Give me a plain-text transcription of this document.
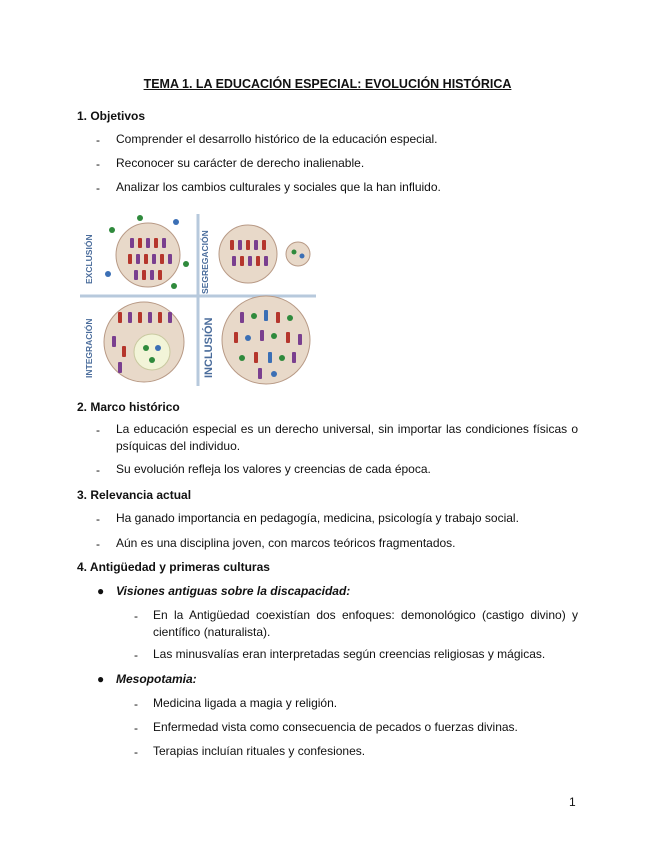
TEMA 1. LA EDUCACIÓN ESPECIAL: EVOLUCIÓN HISTÓRICA
1. Objetivos
- Comprender el desarrollo histórico de la educación especial.
- Reconocer su carácter de derecho inalienable.
- Analizar los cambios culturales y sociales que la han influido.
EXCLUSIÓN	SEGREGACIÓN
INTEGRACIÓN	INCLUSIÓN
2. Marco histórico
- La educación especial es un derecho universal, sin importar las condiciones físicas o psíquicas del individuo.
- Su evolución refleja los valores y creencias de cada época.
3. Relevancia actual
- Ha ganado importancia en pedagogía, medicina, psicología y trabajo social.
- Aún es una disciplina joven, con marcos teóricos fragmentados.
4. Antigüedad y primeras culturas
● Visiones antiguas sobre la discapacidad:
- En la Antigüedad coexistían dos enfoques: demonológico (castigo divino) y científico (naturalista).
- Las minusvalías eran interpretadas según creencias religiosas y mágicas.
● Mesopotamia:
- Medicina ligada a magia y religión.
- Enfermedad vista como consecuencia de pecados o fuerzas divinas.
- Terapias incluían rituales y confesiones.
1
